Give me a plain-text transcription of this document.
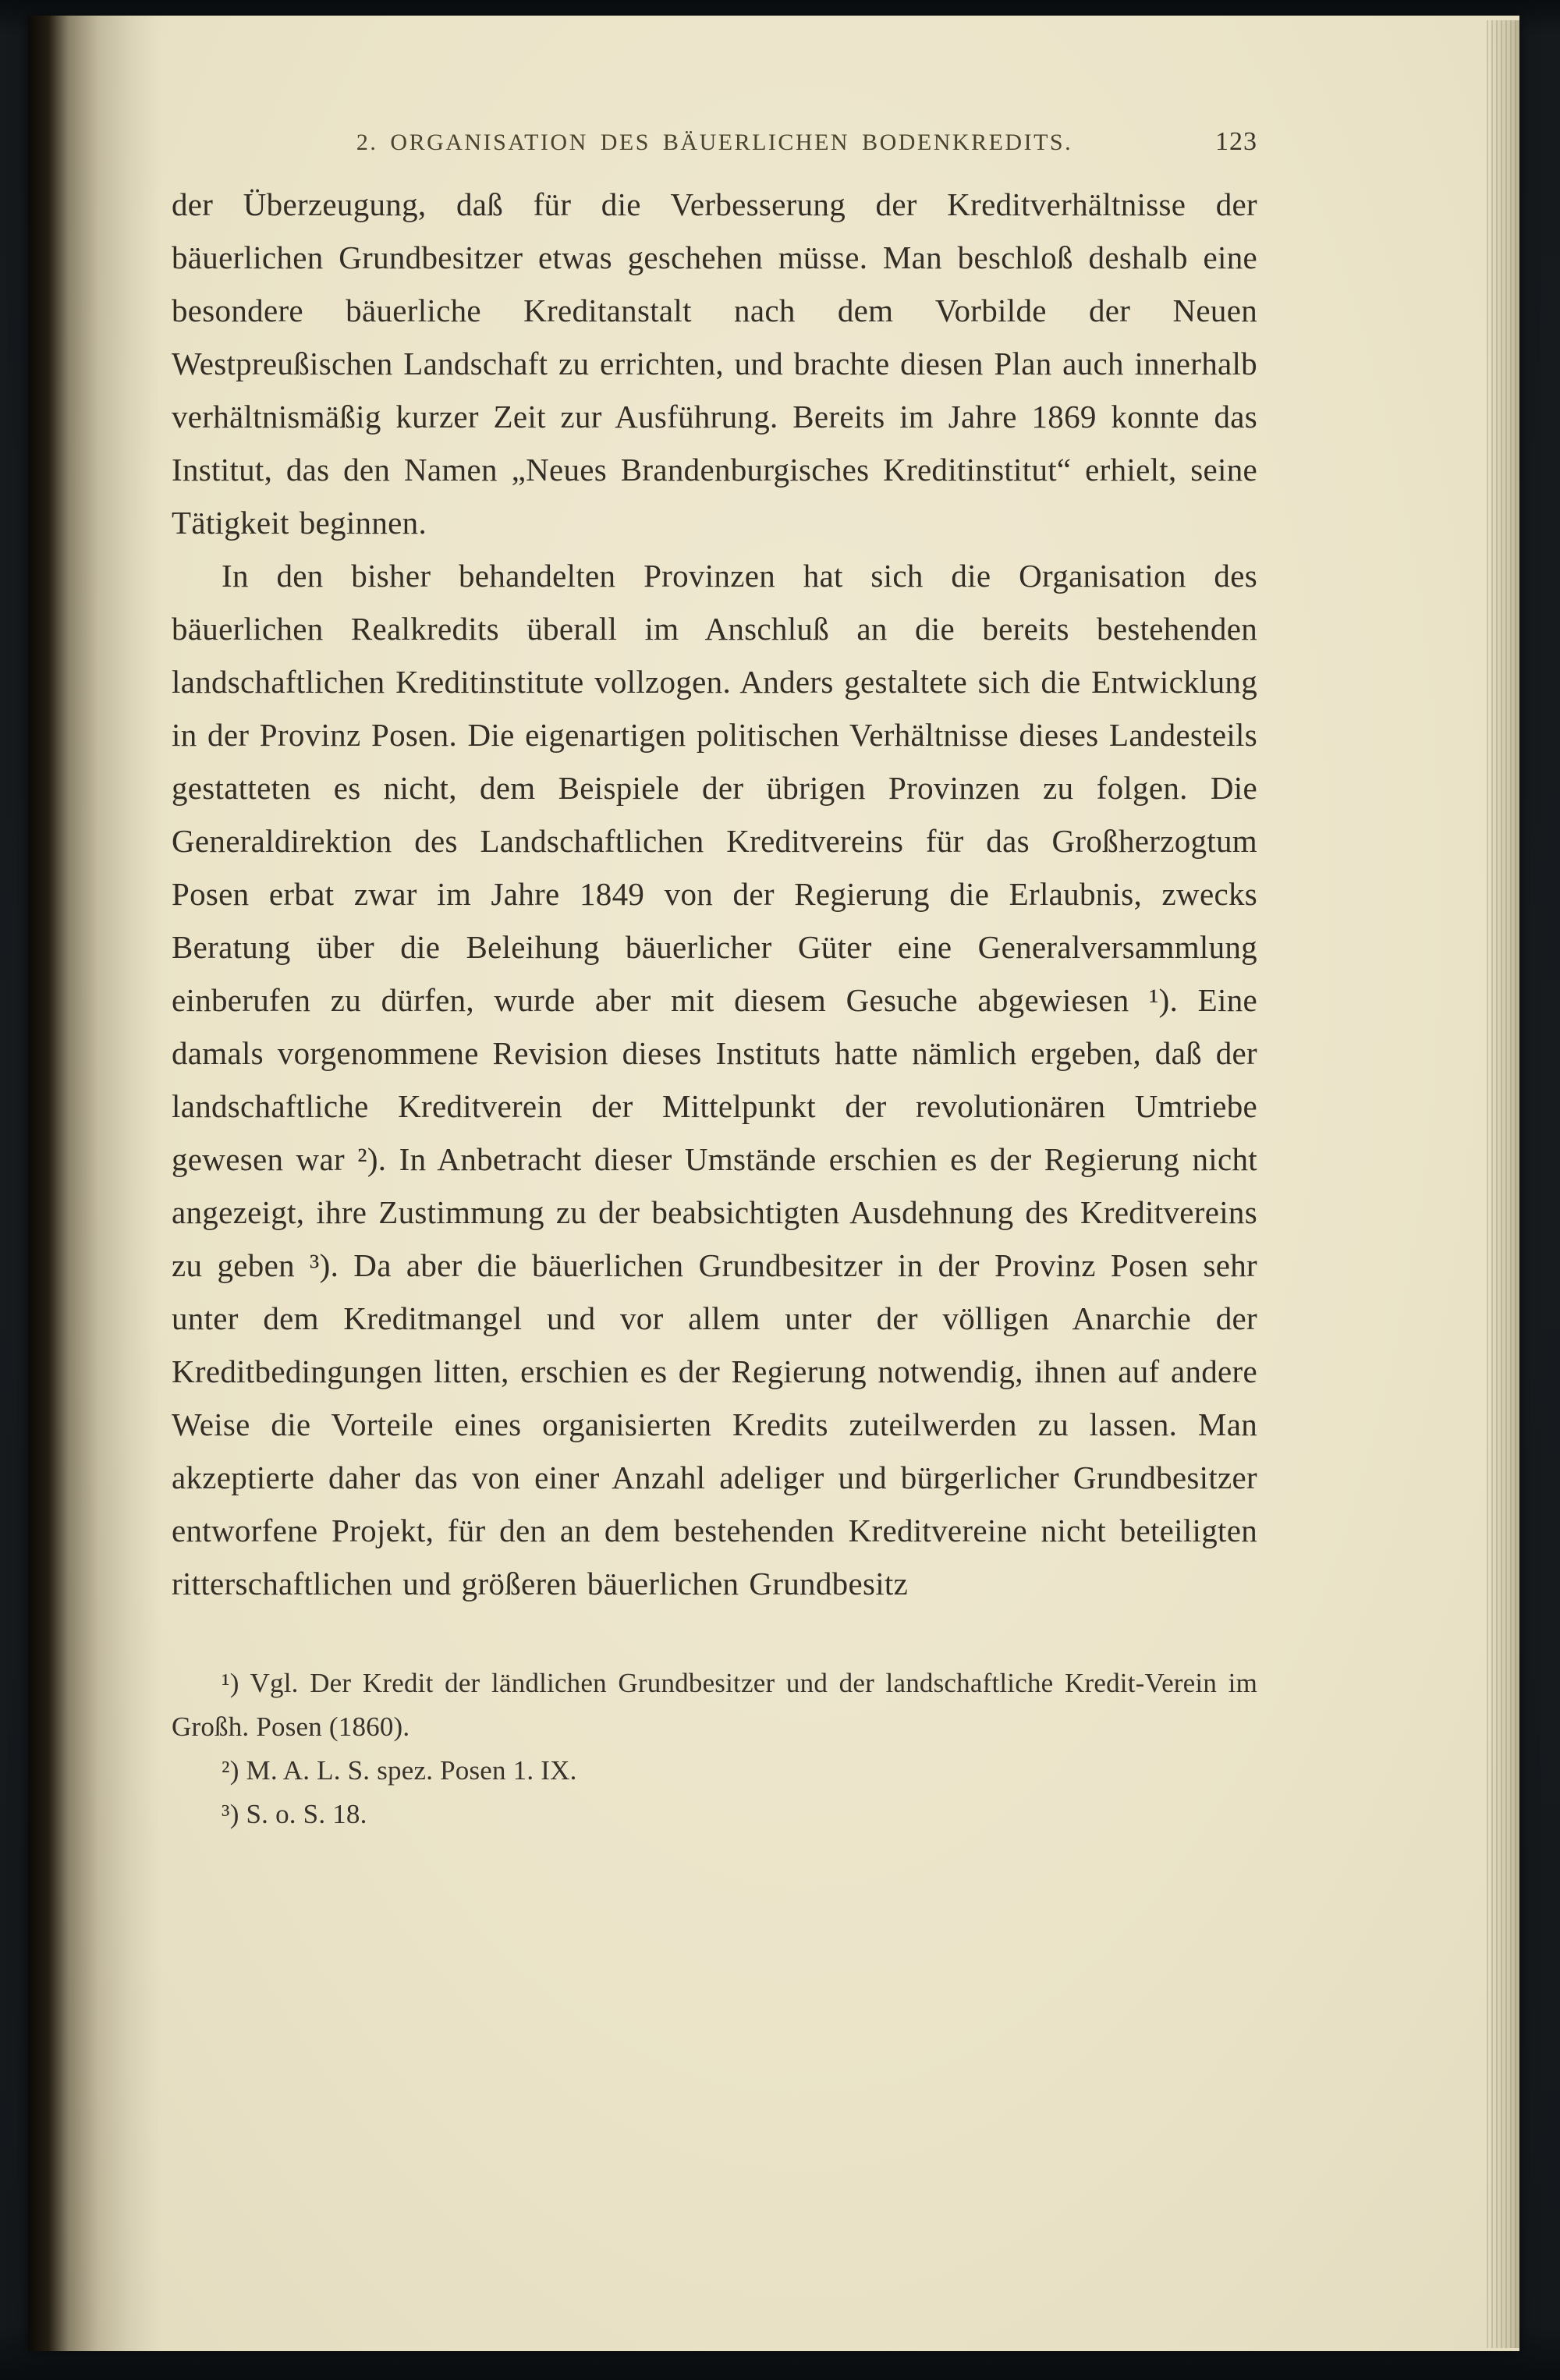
2. ORGANISATION DES BÄUERLICHEN BODENKREDITS.	123

der Überzeugung, daß für die Verbesserung der Kreditverhältnisse der bäuerlichen Grundbesitzer etwas geschehen müsse. Man beschloß deshalb eine besondere bäuerliche Kreditanstalt nach dem Vorbilde der Neuen Westpreußischen Landschaft zu errichten, und brachte diesen Plan auch innerhalb verhältnismäßig kurzer Zeit zur Ausführung. Bereits im Jahre 1869 konnte das Institut, das den Namen „Neues Brandenburgisches Kreditinstitut“ erhielt, seine Tätigkeit beginnen.

In den bisher behandelten Provinzen hat sich die Organisation des bäuerlichen Realkredits überall im Anschluß an die bereits bestehenden landschaftlichen Kreditinstitute vollzogen. Anders gestaltete sich die Entwicklung in der Provinz Posen. Die eigenartigen politischen Verhältnisse dieses Landesteils gestatteten es nicht, dem Beispiele der übrigen Provinzen zu folgen. Die Generaldirektion des Landschaftlichen Kreditvereins für das Großherzogtum Posen erbat zwar im Jahre 1849 von der Regierung die Erlaubnis, zwecks Beratung über die Beleihung bäuerlicher Güter eine Generalversammlung einberufen zu dürfen, wurde aber mit diesem Gesuche abgewiesen ¹). Eine damals vorgenommene Revision dieses Instituts hatte nämlich ergeben, daß der landschaftliche Kreditverein der Mittelpunkt der revolutionären Umtriebe gewesen war ²). In Anbetracht dieser Umstände erschien es der Regierung nicht angezeigt, ihre Zustimmung zu der beabsichtigten Ausdehnung des Kreditvereins zu geben ³). Da aber die bäuerlichen Grundbesitzer in der Provinz Posen sehr unter dem Kreditmangel und vor allem unter der völligen Anarchie der Kreditbedingungen litten, erschien es der Regierung notwendig, ihnen auf andere Weise die Vorteile eines organisierten Kredits zuteilwerden zu lassen. Man akzeptierte daher das von einer Anzahl adeliger und bürgerlicher Grundbesitzer entworfene Projekt, für den an dem bestehenden Kreditvereine nicht beteiligten ritterschaftlichen und größeren bäuerlichen Grundbesitz

¹) Vgl. Der Kredit der ländlichen Grundbesitzer und der landschaftliche Kredit-Verein im Großh. Posen (1860).

²) M. A. L. S. spez. Posen 1. IX.

³) S. o. S. 18.
